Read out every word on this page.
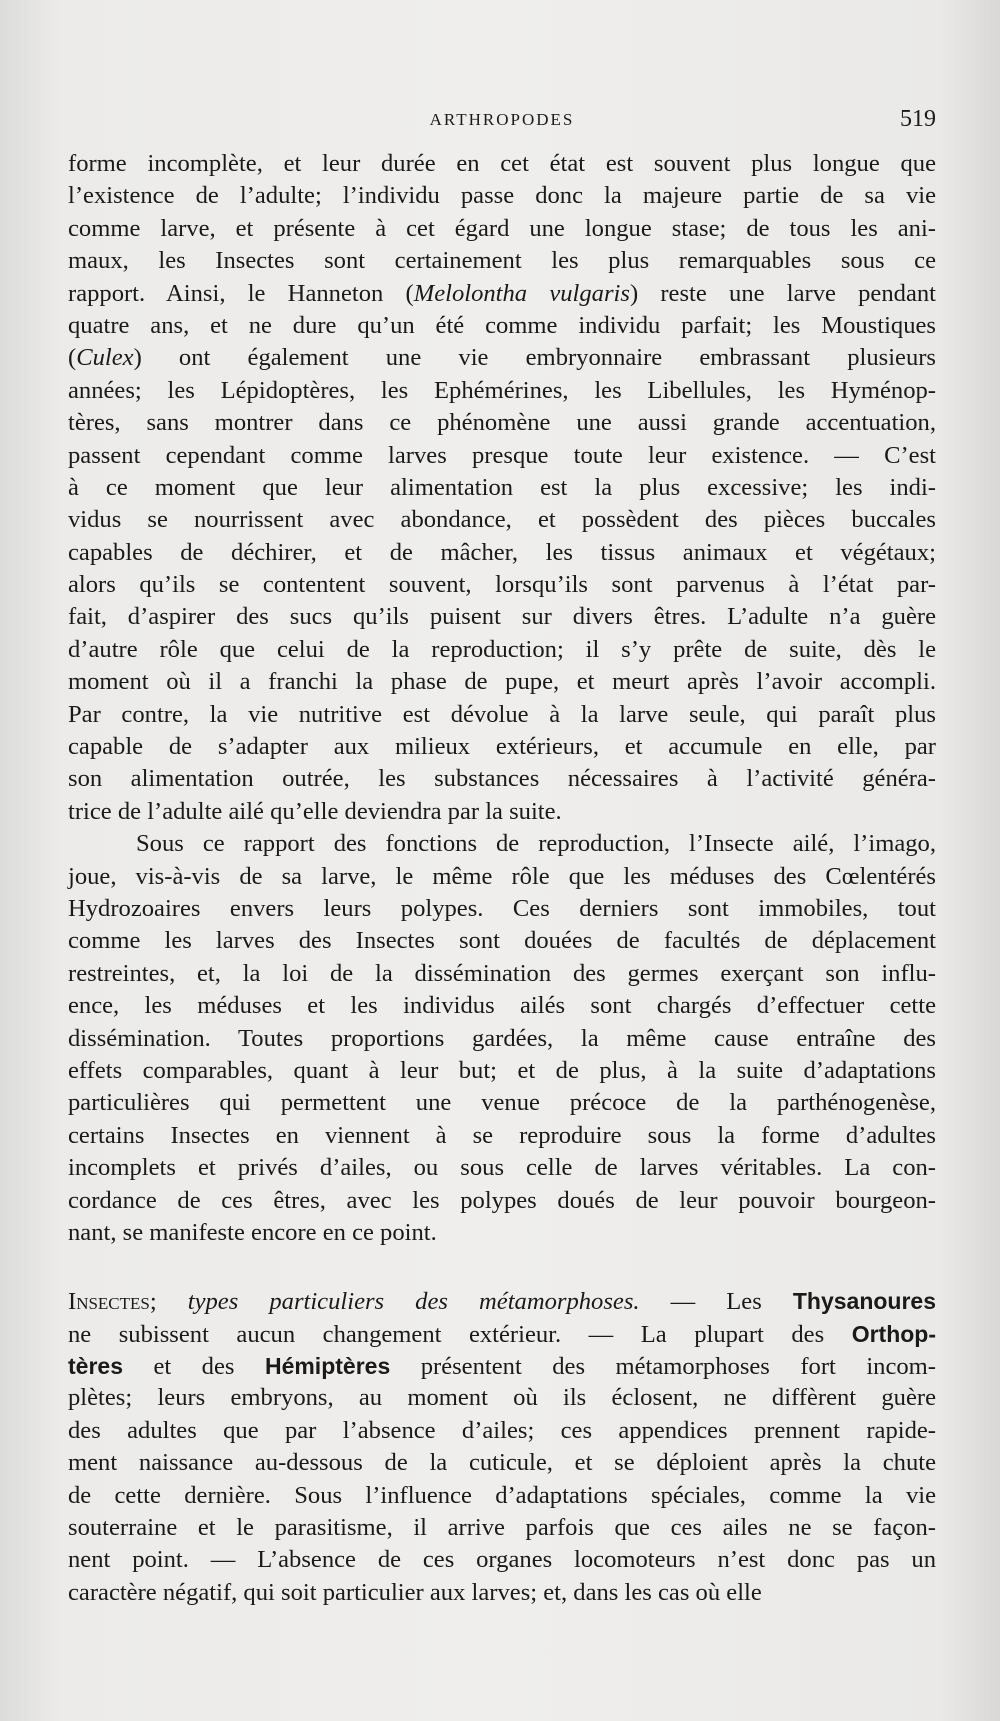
ARTHROPODES	519
forme incomplète, et leur durée en cet état est souvent plus longue que
l’existence de l’adulte; l’individu passe donc la majeure partie de sa vie
comme larve, et présente à cet égard une longue stase; de tous les ani-
maux, les Insectes sont certainement les plus remarquables sous ce
rapport. Ainsi, le Hanneton (Melolontha vulgaris) reste une larve pendant
quatre ans, et ne dure qu’un été comme individu parfait; les Moustiques
(Culex) ont également une vie embryonnaire embrassant plusieurs
années; les Lépidoptères, les Ephémérines, les Libellules, les Hyménop-
tères, sans montrer dans ce phénomène une aussi grande accentuation,
passent cependant comme larves presque toute leur existence. — C’est
à ce moment que leur alimentation est la plus excessive; les indi-
vidus se nourrissent avec abondance, et possèdent des pièces buccales
capables de déchirer, et de mâcher, les tissus animaux et végétaux;
alors qu’ils se contentent souvent, lorsqu’ils sont parvenus à l’état par-
fait, d’aspirer des sucs qu’ils puisent sur divers êtres. L’adulte n’a guère
d’autre rôle que celui de la reproduction; il s’y prête de suite, dès le
moment où il a franchi la phase de pupe, et meurt après l’avoir accompli.
Par contre, la vie nutritive est dévolue à la larve seule, qui paraît plus
capable de s’adapter aux milieux extérieurs, et accumule en elle, par
son alimentation outrée, les substances nécessaires à l’activité généra-
trice de l’adulte ailé qu’elle deviendra par la suite.
Sous ce rapport des fonctions de reproduction, l’Insecte ailé, l’imago,
joue, vis-à-vis de sa larve, le même rôle que les méduses des Cœlentérés
Hydrozoaires envers leurs polypes. Ces derniers sont immobiles, tout
comme les larves des Insectes sont douées de facultés de déplacement
restreintes, et, la loi de la dissémination des germes exerçant son influ-
ence, les méduses et les individus ailés sont chargés d’effectuer cette
dissémination. Toutes proportions gardées, la même cause entraîne des
effets comparables, quant à leur but; et de plus, à la suite d’adaptations
particulières qui permettent une venue précoce de la parthénogenèse,
certains Insectes en viennent à se reproduire sous la forme d’adultes
incomplets et privés d’ailes, ou sous celle de larves véritables. La con-
cordance de ces êtres, avec les polypes doués de leur pouvoir bourgeon-
nant, se manifeste encore en ce point.
Insectes; types particuliers des métamorphoses. — Les Thysanoures
ne subissent aucun changement extérieur. — La plupart des Orthop-
tères et des Hémiptères présentent des métamorphoses fort incom-
plètes; leurs embryons, au moment où ils éclosent, ne diffèrent guère
des adultes que par l’absence d’ailes; ces appendices prennent rapide-
ment naissance au-dessous de la cuticule, et se déploient après la chute
de cette dernière. Sous l’influence d’adaptations spéciales, comme la vie
souterraine et le parasitisme, il arrive parfois que ces ailes ne se façon-
nent point. — L’absence de ces organes locomoteurs n’est donc pas un
caractère négatif, qui soit particulier aux larves; et, dans les cas où elle
